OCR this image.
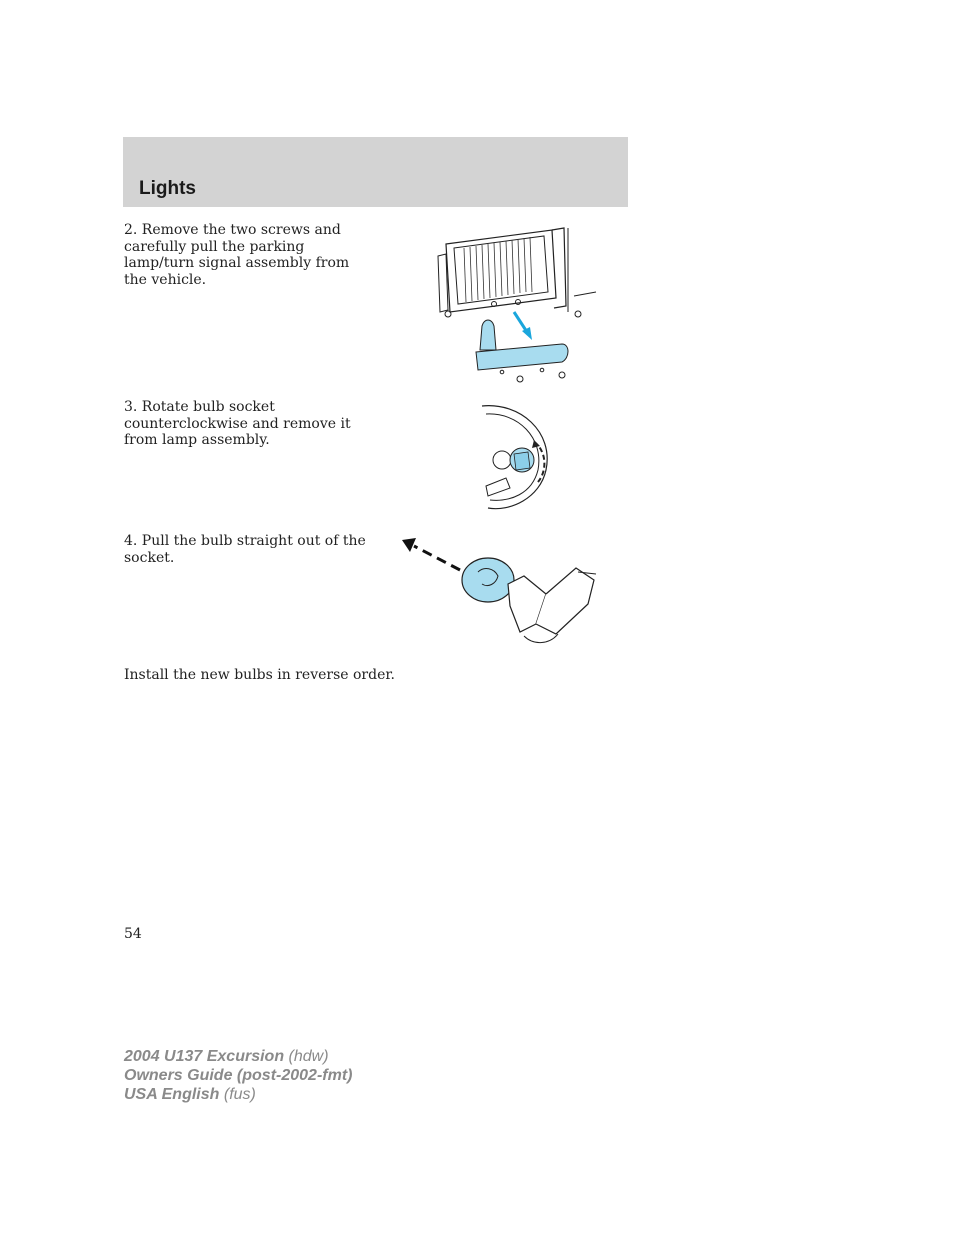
Lights
2. Remove the two screws and carefully pull the parking lamp/turn signal assembly from the vehicle.
3. Rotate bulb socket counterclockwise and remove it from lamp assembly.
4. Pull the bulb straight out of the socket.
Install the new bulbs in reverse order.
54
2004 U137 Excursion (hdw)
Owners Guide (post-2002-fmt)
USA English (fus)
